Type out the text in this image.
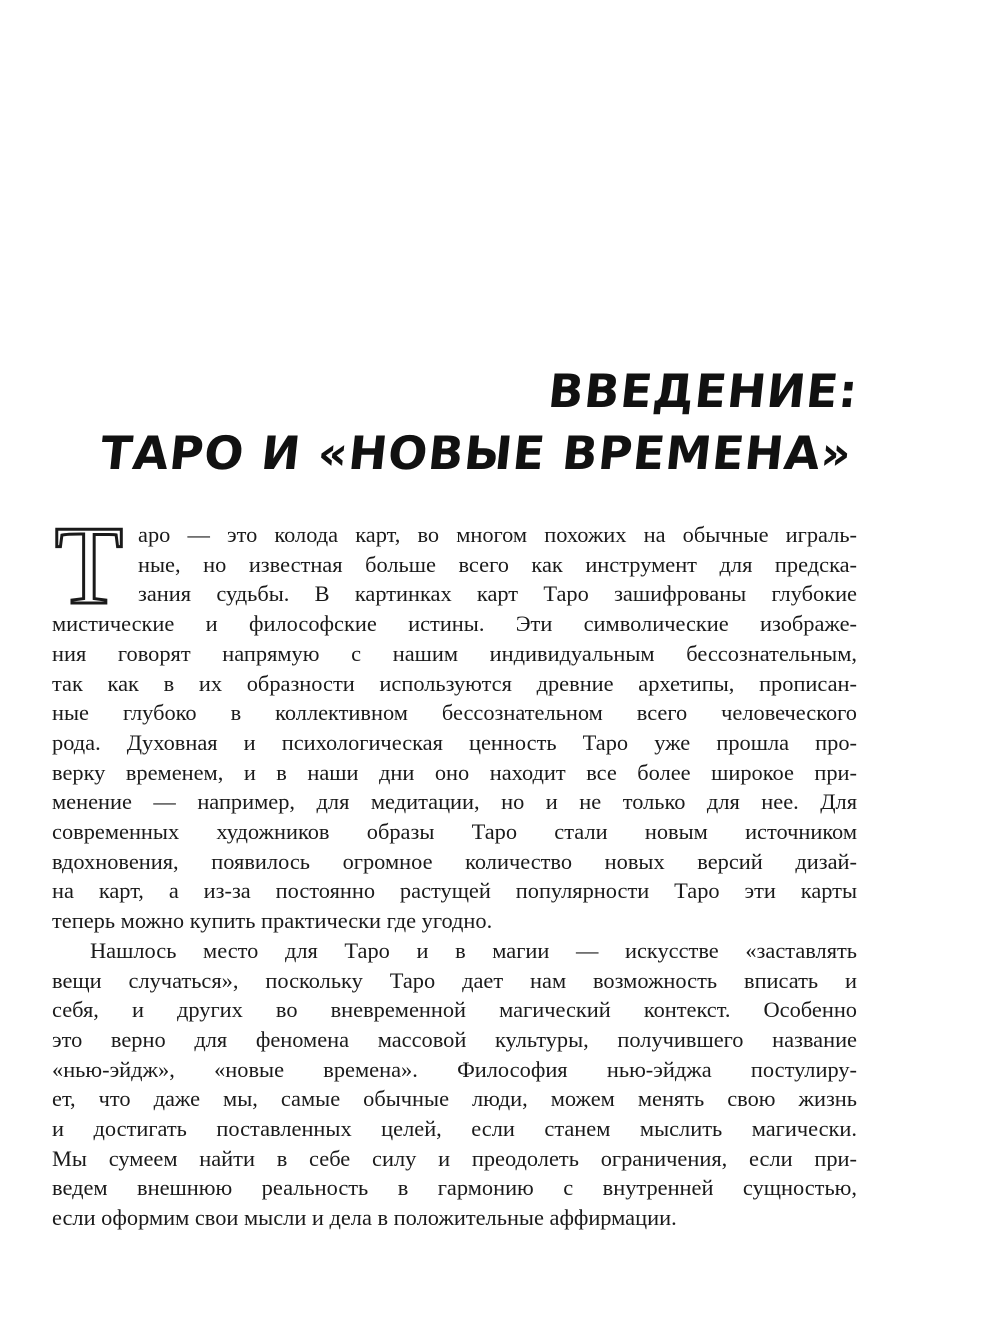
ВВЕДЕНИЕ:
ТАРО И «НОВЫЕ ВРЕМЕНА»
Т аро — это колода карт, во многом похожих на обычные играль-
ные, но известная больше всего как инструмент для предска-
зания судьбы. В картинках карт Таро зашифрованы глубокие
мистические и философские истины. Эти символические изображе-
ния говорят напрямую с нашим индивидуальным бессознательным,
так как в их образности используются древние архетипы, прописан-
ные глубоко в коллективном бессознательном всего человеческого
рода. Духовная и психологическая ценность Таро уже прошла про-
верку временем, и в наши дни оно находит все более широкое при-
менение — например, для медитации, но и не только для нее. Для
современных художников образы Таро стали новым источником
вдохновения, появилось огромное количество новых версий дизай-
на карт, а из-за постоянно растущей популярности Таро эти карты
теперь можно купить практически где угодно.

Нашлось место для Таро и в магии — искусстве «заставлять
вещи случаться», поскольку Таро дает нам возможность вписать и
себя, и других во вневременной магический контекст. Особенно
это верно для феномена массовой культуры, получившего название
«нью-эйдж», «новые времена». Философия нью-эйджа постулиру-
ет, что даже мы, самые обычные люди, можем менять свою жизнь
и достигать поставленных целей, если станем мыслить магически.
Мы сумеем найти в себе силу и преодолеть ограничения, если при-
ведем внешнюю реальность в гармонию с внутренней сущностью,
если оформим свои мысли и дела в положительные аффирмации.
